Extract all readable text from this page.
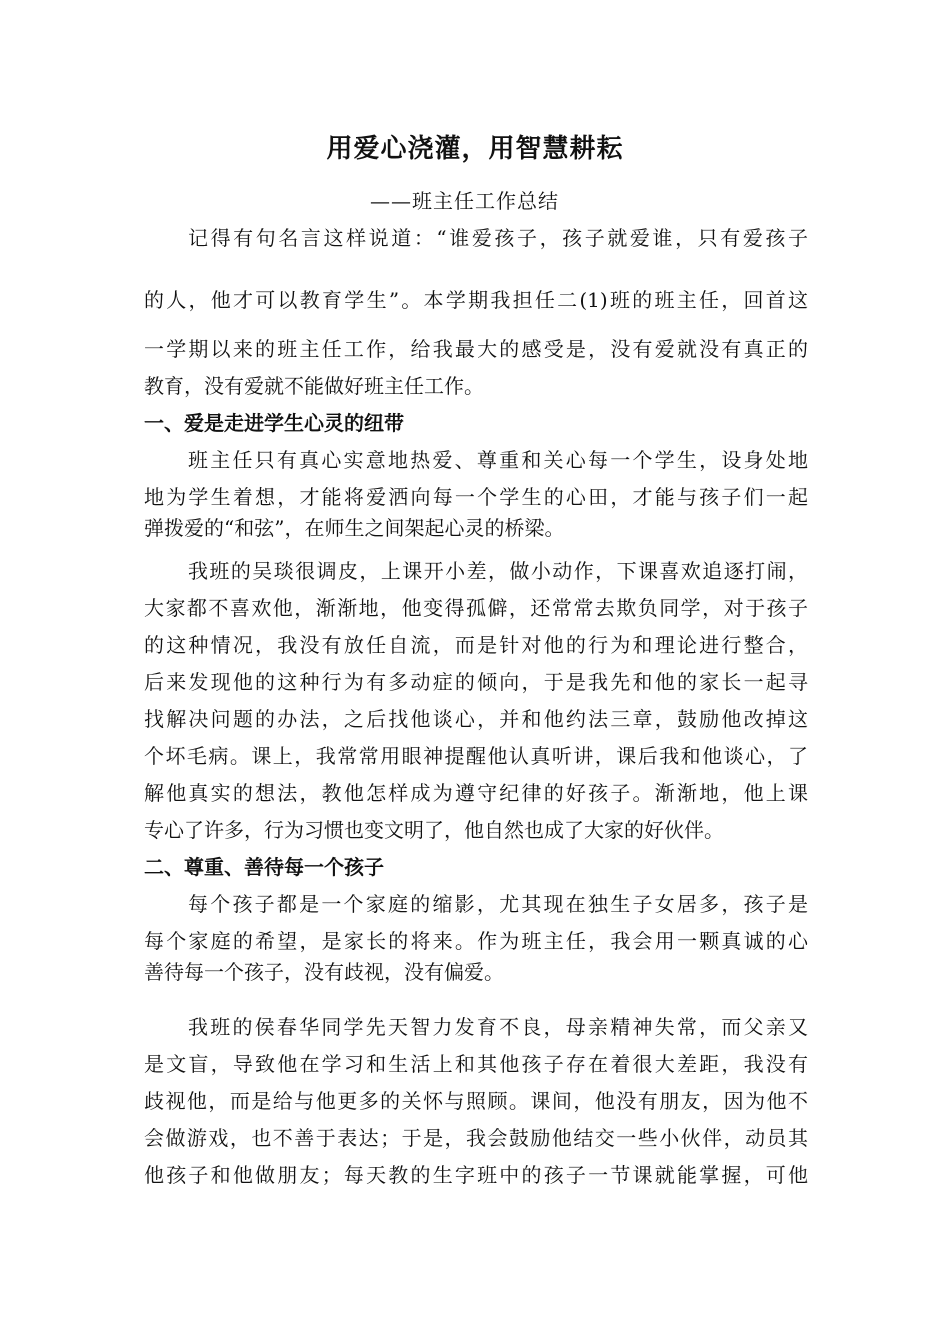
用爱心浇灌，用智慧耕耘
——班主任工作总结
记得有句名言这样说道：“谁爱孩子，孩子就爱谁，只有爱孩子
的人，他才可以教育学生”。本学期我担任二(1)班的班主任，回首这
一学期以来的班主任工作，给我最大的感受是，没有爱就没有真正的
教育，没有爱就不能做好班主任工作。
一、爱是走进学生心灵的纽带
班主任只有真心实意地热爱、尊重和关心每一个学生，设身处地
地为学生着想，才能将爱洒向每一个学生的心田，才能与孩子们一起
弹拨爱的“和弦”，在师生之间架起心灵的桥梁。
我班的吴琰很调皮，上课开小差，做小动作，下课喜欢追逐打闹，
大家都不喜欢他，渐渐地，他变得孤僻，还常常去欺负同学，对于孩子
的这种情况，我没有放任自流，而是针对他的行为和理论进行整合，
后来发现他的这种行为有多动症的倾向，于是我先和他的家长一起寻
找解决问题的办法，之后找他谈心，并和他约法三章，鼓励他改掉这
个坏毛病。课上，我常常用眼神提醒他认真听讲，课后我和他谈心，了
解他真实的想法，教他怎样成为遵守纪律的好孩子。渐渐地，他上课
专心了许多，行为习惯也变文明了，他自然也成了大家的好伙伴。
二、尊重、善待每一个孩子
每个孩子都是一个家庭的缩影，尤其现在独生子女居多，孩子是
每个家庭的希望，是家长的将来。作为班主任，我会用一颗真诚的心
善待每一个孩子，没有歧视，没有偏爱。
我班的侯春华同学先天智力发育不良，母亲精神失常，而父亲又
是文盲，导致他在学习和生活上和其他孩子存在着很大差距，我没有
歧视他，而是给与他更多的关怀与照顾。课间，他没有朋友，因为他不
会做游戏，也不善于表达；于是，我会鼓励他结交一些小伙伴，动员其
他孩子和他做朋友；每天教的生字班中的孩子一节课就能掌握，可他
